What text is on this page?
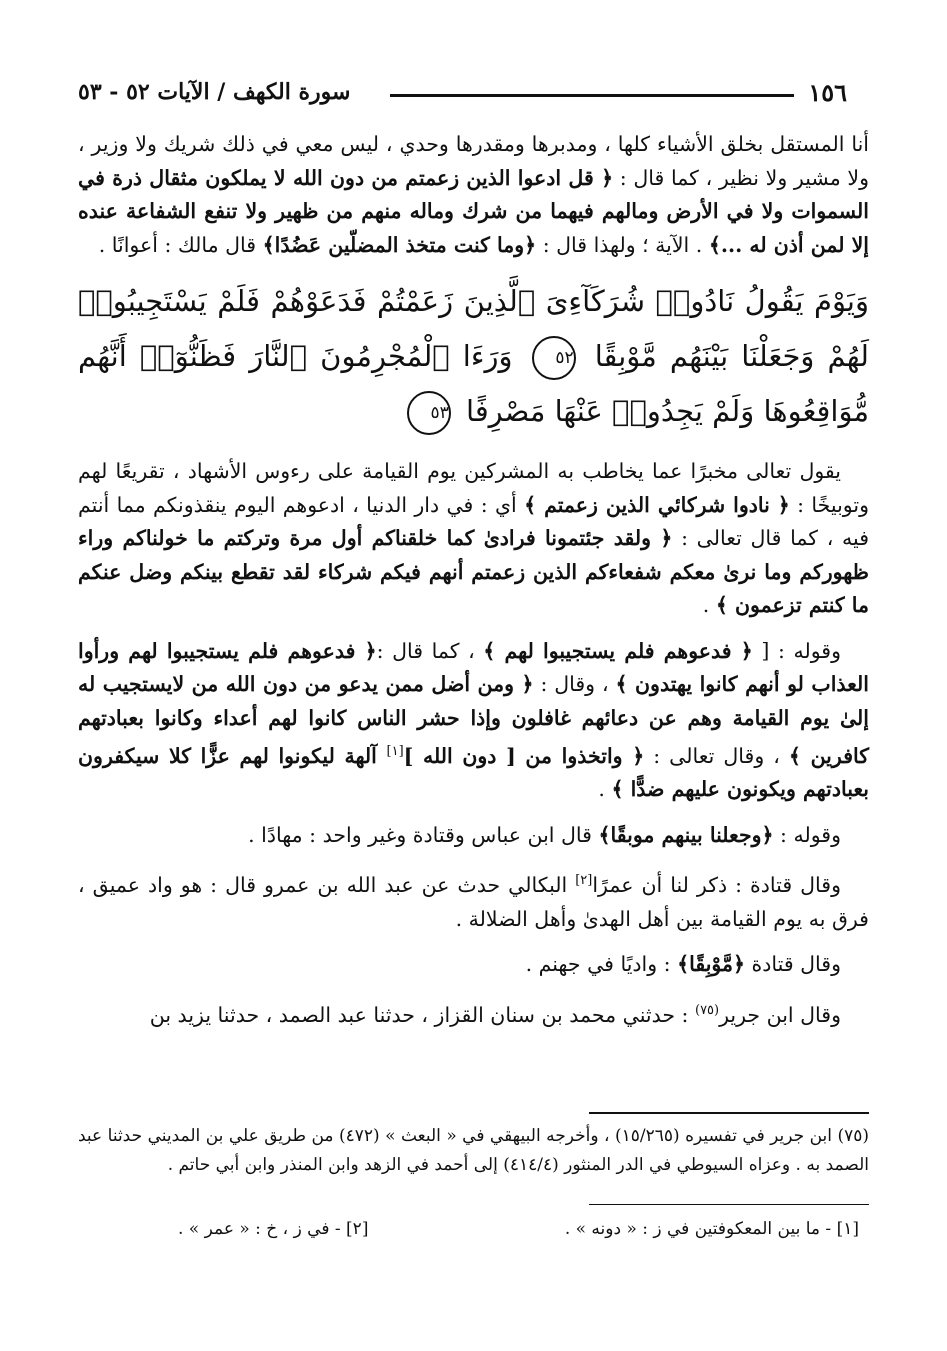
١٥٦
سورة الكهف / الآيات ٥٢ - ٥٣

أنا المستقل بخلق الأشياء كلها ، ومدبرها ومقدرها وحدي ، ليس معي في ذلك شريك ولا وزير ، ولا مشير ولا نظير ، كما قال : ﴿ قل ادعوا الذين زعمتم من دون الله لا يملكون مثقال ذرة في السموات ولا في الأرض ومالهم فيهما من شرك وماله منهم من ظهير ولا تنفع الشفاعة عنده إلا لمن أذن له ...﴾ . الآية ؛ ولهذا قال : ﴿وما كنت متخذ المضلّين عَضُدًا﴾ قال مالك : أعوانًا .

وَيَوْمَ يَقُولُ نَادُوا۟ شُرَكَآءِىَ ٱلَّذِينَ زَعَمْتُمْ فَدَعَوْهُمْ فَلَمْ يَسْتَجِيبُوا۟ لَهُمْ وَجَعَلْنَا بَيْنَهُم مَّوْبِقًا ٥٢ وَرَءَا ٱلْمُجْرِمُونَ ٱلنَّارَ فَظَنُّوٓا۟ أَنَّهُم مُّوَاقِعُوهَا وَلَمْ يَجِدُوا۟ عَنْهَا مَصْرِفًا ٥٣

يقول تعالى مخبرًا عما يخاطب به المشركين يوم القيامة على رءوس الأشهاد ، تقريعًا لهم وتوبيخًا : ﴿ نادوا شركائي الذين زعمتم ﴾ أي : في دار الدنيا ، ادعوهم اليوم ينقذونكم مما أنتم فيه ، كما قال تعالى : ﴿ ولقد جئتمونا فرادىٰ كما خلقناكم أول مرة وتركتم ما خولناكم وراء ظهوركم وما نرىٰ معكم شفعاءكم الذين زعمتم أنهم فيكم شركاء لقد تقطع بينكم وضل عنكم ما كنتم تزعمون ﴾ .

وقوله : [ ﴿ فدعوهم فلم يستجيبوا لهم ﴾ ، كما قال :﴿ فدعوهم فلم يستجيبوا لهم ورأوا العذاب لو أنهم كانوا يهتدون ﴾ ، وقال : ﴿ ومن أضل ممن يدعو من دون الله من لايستجيب له إلىٰ يوم القيامة وهم عن دعائهم غافلون وإذا حشر الناس كانوا لهم أعداء وكانوا بعبادتهم كافرين ﴾ ، وقال تعالى : ﴿ واتخذوا من [ دون الله ][١] آلهة ليكونوا لهم عزًّا كلا سيكفرون بعبادتهم ويكونون عليهم ضدًّا ﴾ .

وقوله : ﴿وجعلنا بينهم موبقًا﴾ قال ابن عباس وقتادة وغير واحد : مهادًا .

وقال قتادة : ذكر لنا أن عمرًا[٢] البكالي حدث عن عبد الله بن عمرو قال : هو واد عميق ، فرق به يوم القيامة بين أهل الهدىٰ وأهل الضلالة .

وقال قتادة ﴿مَّوْبِقًا﴾ : واديًا في جهنم .

وقال ابن جرير$^{(٧٥)}$ : حدثني محمد بن سنان القزاز ، حدثنا عبد الصمد ، حدثنا يزيد بن

(٧٥) ابن جرير في تفسيره (١٥/٢٦٥) ، وأخرجه البيهقي في « البعث » (٤٧٢) من طريق علي بن المديني حدثنا عبد الصمد به . وعزاه السيوطي في الدر المنثور (٤١٤/٤) إلى أحمد في الزهد وابن المنذر وابن أبي حاتم .

[١] - ما بين المعكوفتين في ز : « دونه » .
[٢] - في ز ، خ : « عمر » .
